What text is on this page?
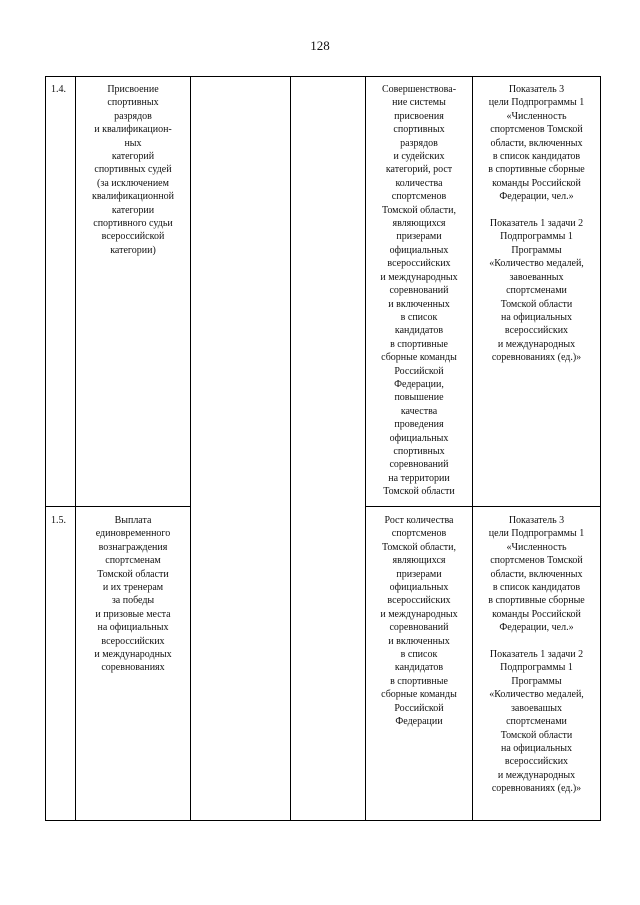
128
1.4.	Присвоение
спортивных
разрядов
и квалификацион-
ных
категорий
спортивных судей
(за исключением
квалификационной
категории
спортивного судьи
всероссийской
категории)
Совершенствова-
ние системы
присвоения
спортивных
разрядов
и судейских
категорий, рост
количества
спортсменов
Томской области,
являющихся
призерами
официальных
всероссийских
и международных
соревнований
и включенных
в список
кандидатов
в спортивные
сборные команды
Российской
Федерации,
повышение
качества
проведения
официальных
спортивных
соревнований
на территории
Томской области
Показатель 3
цели Подпрограммы 1
«Численность
спортсменов Томской
области, включенных
в список кандидатов
в спортивные сборные
команды Российской
Федерации, чел.»

Показатель 1 задачи 2
Подпрограммы 1
Программы
«Количество медалей,
завоеванных
спортсменами
Томской области
на официальных
всероссийских
и международных
соревнованиях (ед.)»
1.5.	Выплата
единовременного
вознаграждения
спортсменам
Томской области
и их тренерам
за победы
и призовые места
на официальных
всероссийских
и международных
соревнованиях
Рост количества
спортсменов
Томской области,
являющихся
призерами
официальных
всероссийских
и международных
соревнований
и включенных
в список
кандидатов
в спортивные
сборные команды
Российской
Федерации
Показатель 3
цели Подпрограммы 1
«Численность
спортсменов Томской
области, включенных
в список кандидатов
в спортивные сборные
команды Российской
Федерации, чел.»

Показатель 1 задачи 2
Подпрограммы 1
Программы
«Количество медалей,
завоевашых
спортсменами
Томской области
на официальных
всероссийских
и международных
соревнованиях (ед.)»
